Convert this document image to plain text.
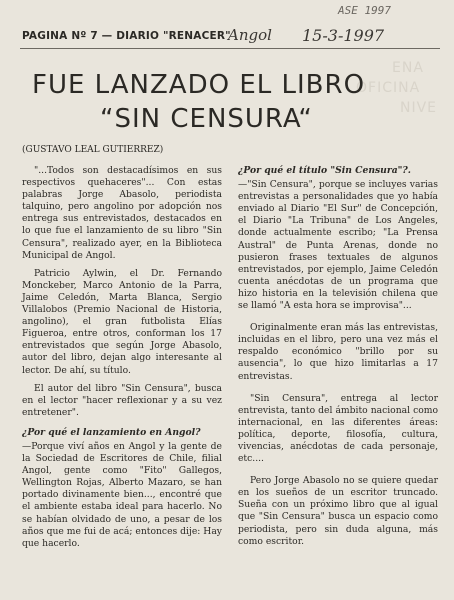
ASE 1997
PAGINA Nº 7 — DIARIO "RENACER"
Angol 15-3-1997
ENA
OFICINA
NIVE
FUE LANZADO EL LIBRO
“SIN CENSURA“
(GUSTAVO LEAL GUTIERREZ)

"...Todos son destacadísimos en sus respectivos quehaceres"... Con estas palabras Jorge Abasolo, periodista talquino, pero angolino por adopción nos entrega sus entrevistados, destacados en lo que fue el lanzamiento de su libro "Sin Censura", realizado ayer, en la Biblioteca Municipal de Angol.

Patricio Aylwin, el Dr. Fernando Monckeber, Marco Antonio de la Parra, Jaime Celedón, Marta Blanca, Sergio Villalobos (Premio Nacional de Historia, angolino), el gran futbolista Elías Figueroa, entre otros, conforman los 17 entrevistados que según Jorge Abasolo, autor del libro, dejan algo interesante al lector. De ahí, su título.

El autor del libro "Sin Censura", busca en el lector "hacer reflexionar y a su vez entretener".

¿Por qué el lanzamiento en Angol?

—Porque viví años en Angol y la gente de la Sociedad de Escritores de Chile, filial Angol, gente como "Fito" Gallegos, Wellington Rojas, Alberto Mazaro, se han portado divinamente bien..., encontré que el ambiente estaba ideal para hacerlo. No se habían olvidado de uno, a pesar de los años que me fui de acá; entonces dije: Hay que hacerlo.

¿Por qué el título "Sin Censura"?.

—"Sin Censura", porque se incluyes varias entrevistas a personalidades que yo había enviado al Diario "El Sur" de Concepción, el Diario "La Tribuna" de Los Angeles, donde actualmente escribo; "La Prensa Austral" de Punta Arenas, donde no pusieron frases textuales de algunos entrevistados, por ejemplo, Jaime Celedón cuenta anécdotas de un programa que hizo historia en la televisión chilena que se llamó "A esta hora se improvisa"...

Originalmente eran más las entrevistas, incluidas en el libro, pero una vez más el respaldo económico "brillo por su ausencia", lo que hizo limitarlas a 17 entrevistas.

"Sin Censura", entrega al lector entrevista, tanto del ámbito nacional como internacional, en las diferentes áreas: política, deporte, filosofía, cultura, vivencias, anécdotas de cada personaje, etc....

Pero Jorge Abasolo no se quiere quedar en los sueños de un escritor truncado. Sueña con un próximo libro que al igual que "Sin Censura" busca un espacio como periodista, pero sin duda alguna, más como escritor.
